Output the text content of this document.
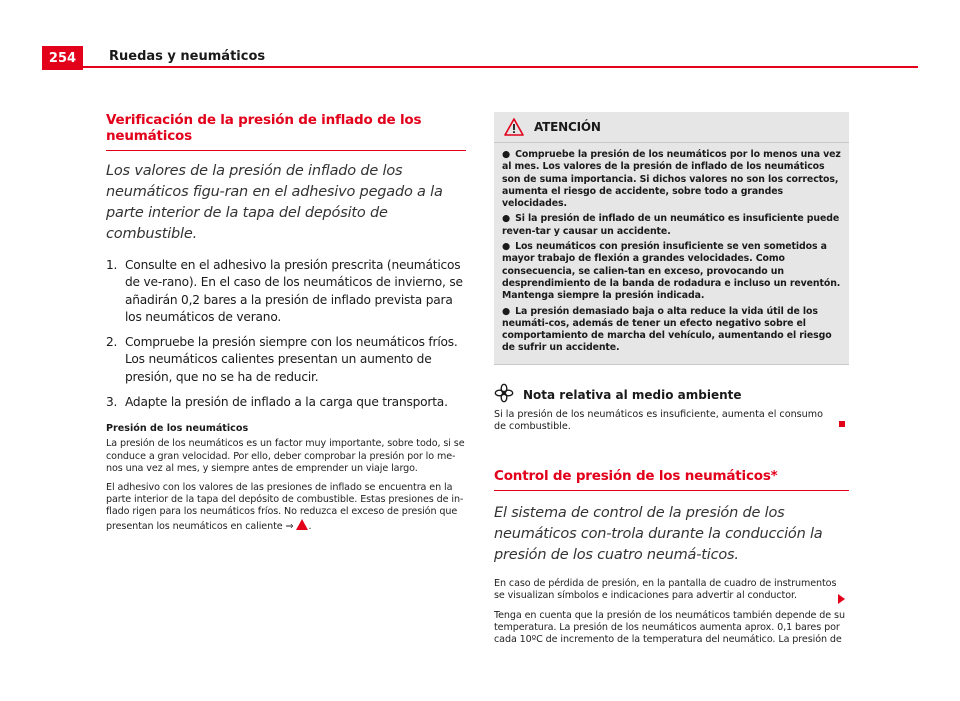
254	Ruedas y neumáticos
Verificación de la presión de inflado de los neumáticos

Los valores de la presión de inflado de los neumáticos figu-ran en el adhesivo pegado a la parte interior de la tapa del depósito de combustible.

1. Consulte en el adhesivo la presión prescrita (neumáticos de ve-rano). En el caso de los neumáticos de invierno, se añadirán 0,2 bares a la presión de inflado prevista para los neumáticos de verano.
2. Compruebe la presión siempre con los neumáticos fríos. Los neumáticos calientes presentan un aumento de presión, que no se ha de reducir.
3. Adapte la presión de inflado a la carga que transporta.
Presión de los neumáticos

La presión de los neumáticos es un factor muy importante, sobre todo, si se conduce a gran velocidad. Por ello, deber comprobar la presión por lo me-nos una vez al mes, y siempre antes de emprender un viaje largo.

El adhesivo con los valores de las presiones de inflado se encuentra en la parte interior de la tapa del depósito de combustible. Estas presiones de in-flado rigen para los neumáticos fríos. No reduzca el exceso de presión que presentan los neumáticos en caliente ⇒ .

ATENCIÓN
● Compruebe la presión de los neumáticos por lo menos una vez al mes. Los valores de la presión de inflado de los neumáticos son de suma importancia. Si dichos valores no son los correctos, aumenta el riesgo de accidente, sobre todo a grandes velocidades.
● Si la presión de inflado de un neumático es insuficiente puede reven-tar y causar un accidente.
● Los neumáticos con presión insuficiente se ven sometidos a mayor trabajo de flexión a grandes velocidades. Como consecuencia, se calien-tan en exceso, provocando un desprendimiento de la banda de rodadura e incluso un reventón. Mantenga siempre la presión indicada.
● La presión demasiado baja o alta reduce la vida útil de los neumáti-cos, además de tener un efecto negativo sobre el comportamiento de marcha del vehículo, aumentando el riesgo de sufrir un accidente.
Nota relativa al medio ambiente
Si la presión de los neumáticos es insuficiente, aumenta el consumo de combustible.
Control de presión de los neumáticos*

El sistema de control de la presión de los neumáticos con-trola durante la conducción la presión de los cuatro neumá-ticos.

En caso de pérdida de presión, en la pantalla de cuadro de instrumentos se visualizan símbolos e indicaciones para advertir al conductor.

Tenga en cuenta que la presión de los neumáticos también depende de su temperatura. La presión de los neumáticos aumenta aprox. 0,1 bares por cada 10ºC de incremento de la temperatura del neumático. La presión de
